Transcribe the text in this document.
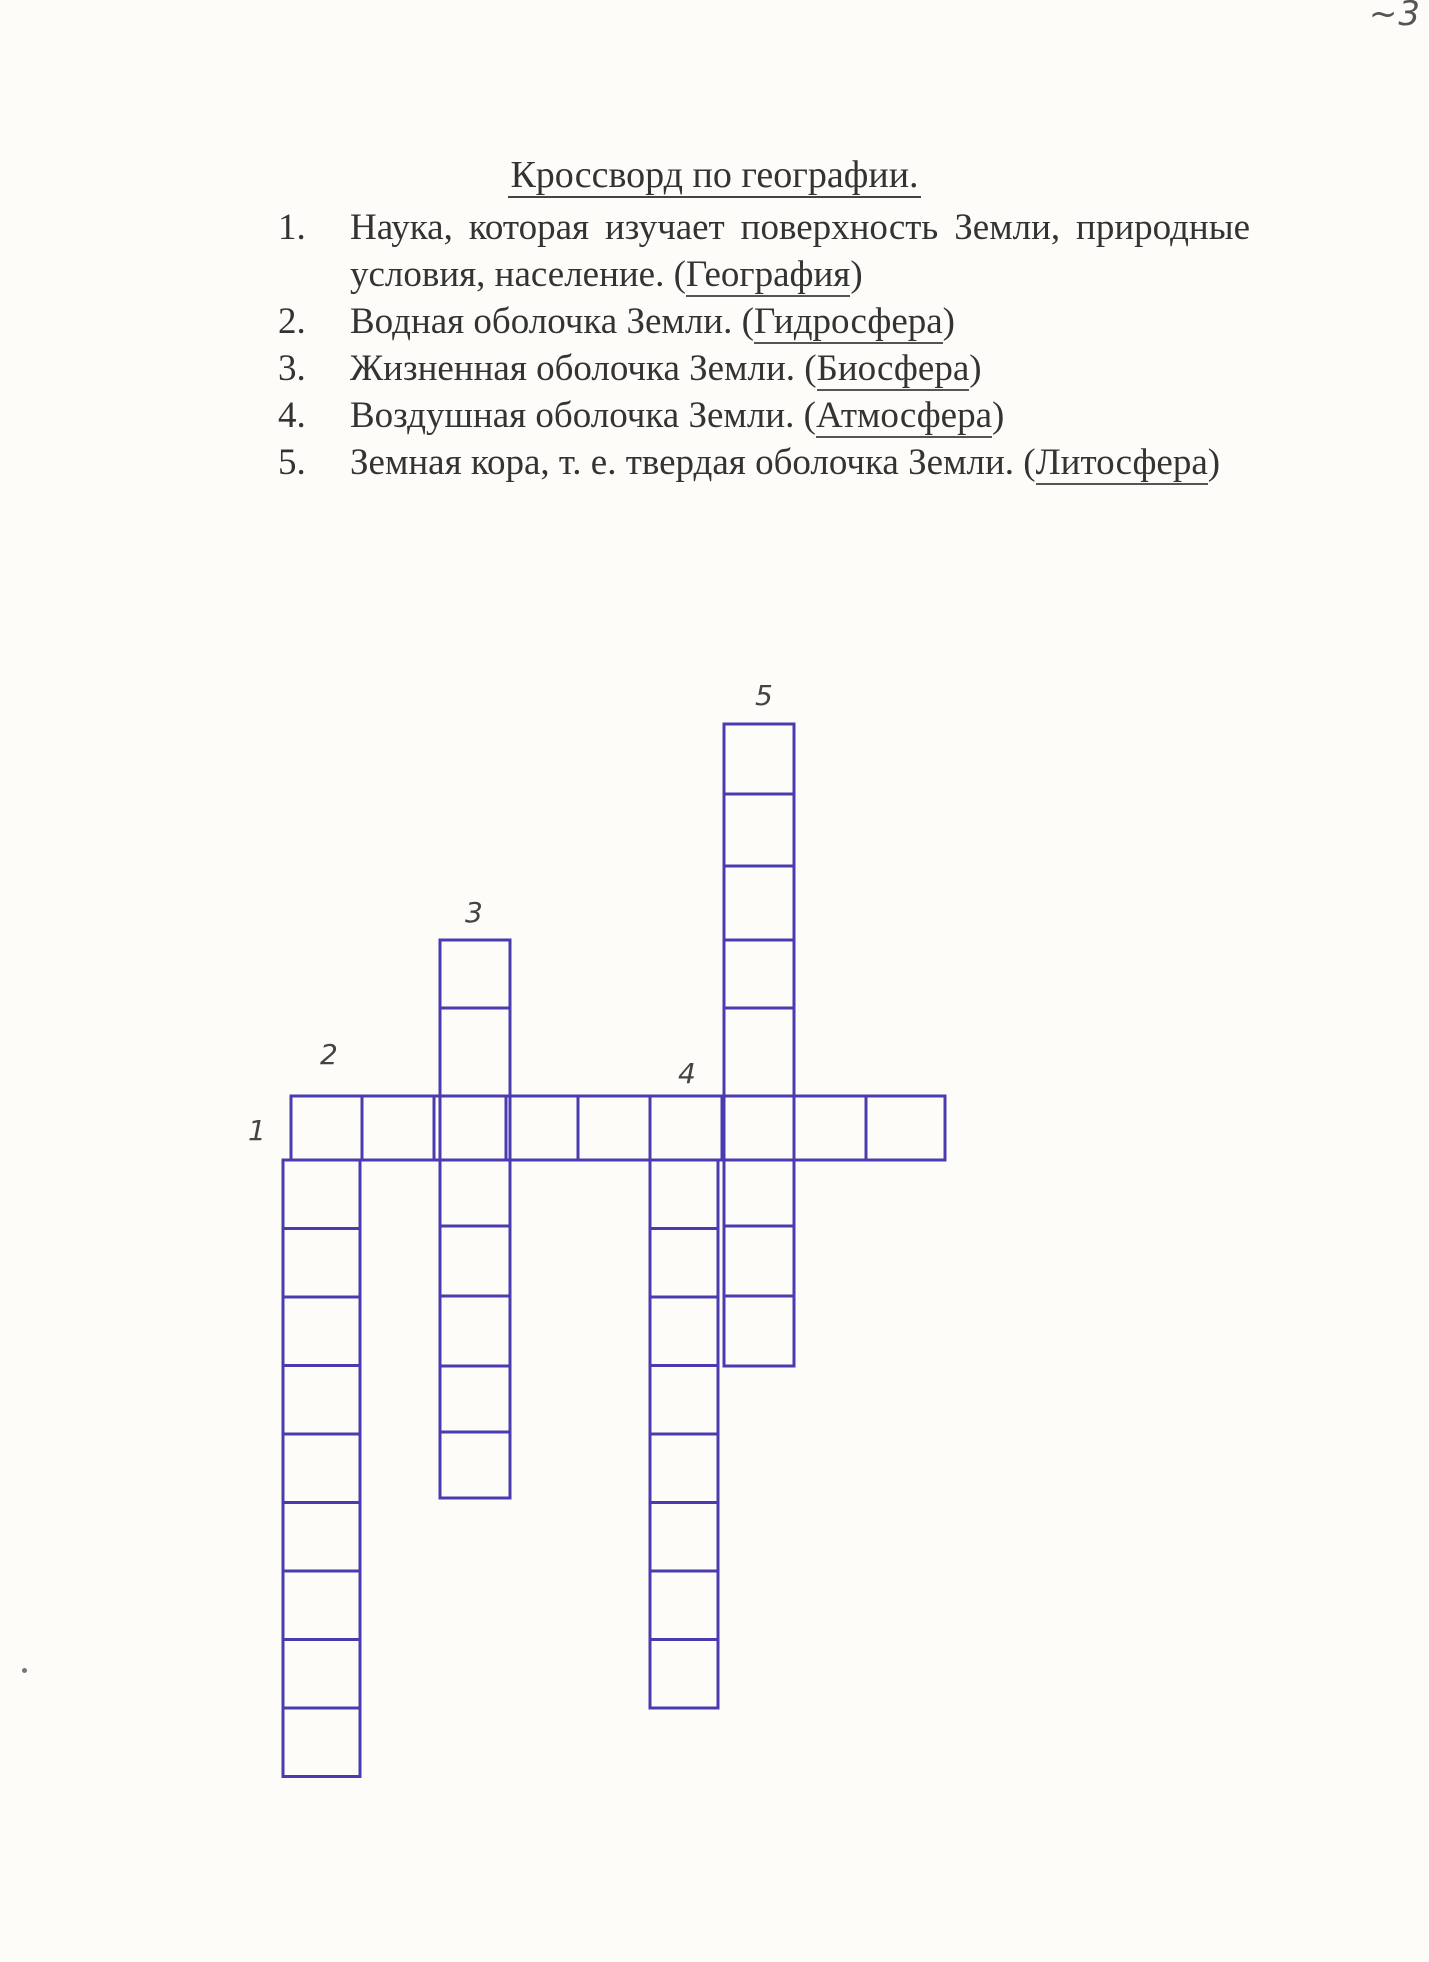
~3
Кроссворд по географии.
1.	Наука, которая изучает поверхность Земли, природные условия, население. (География)
2.	Водная оболочка Земли. (Гидросфера)
3.	Жизненная оболочка Земли. (Биосфера)
4.	Воздушная оболочка Земли. (Атмосфера)
5.	Земная кора, т. е. твердая оболочка Земли. (Литосфера)
1
2
3
4
5
